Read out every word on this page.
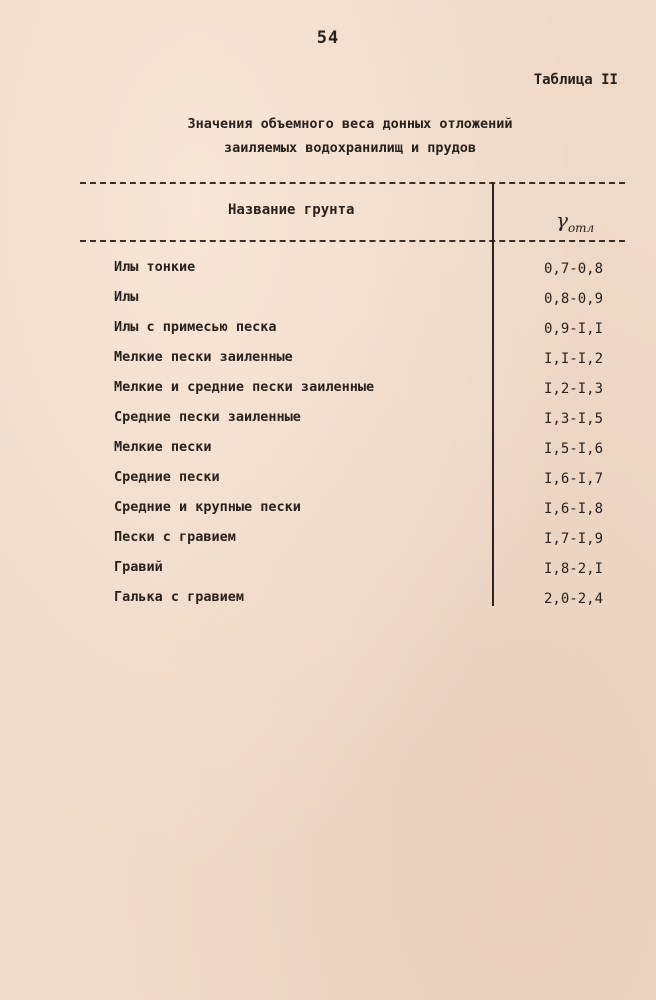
54
Таблица II
Значения объемного веса донных отложений
заиляемых водохранилищ и прудов
Название грунта	$\gamma_{отл}$
Илы тонкие	0,7-0,8
Илы	0,8-0,9
Илы с примесью песка	0,9-I,I
Мелкие пески заиленные	I,I-I,2
Мелкие и средние пески заиленные	I,2-I,3
Средние пески заиленные	I,3-I,5
Мелкие пески	I,5-I,6
Средние пески	I,6-I,7
Средние и крупные пески	I,6-I,8
Пески с гравием	I,7-I,9
Гравий	I,8-2,I
Галька с гравием	2,0-2,4
